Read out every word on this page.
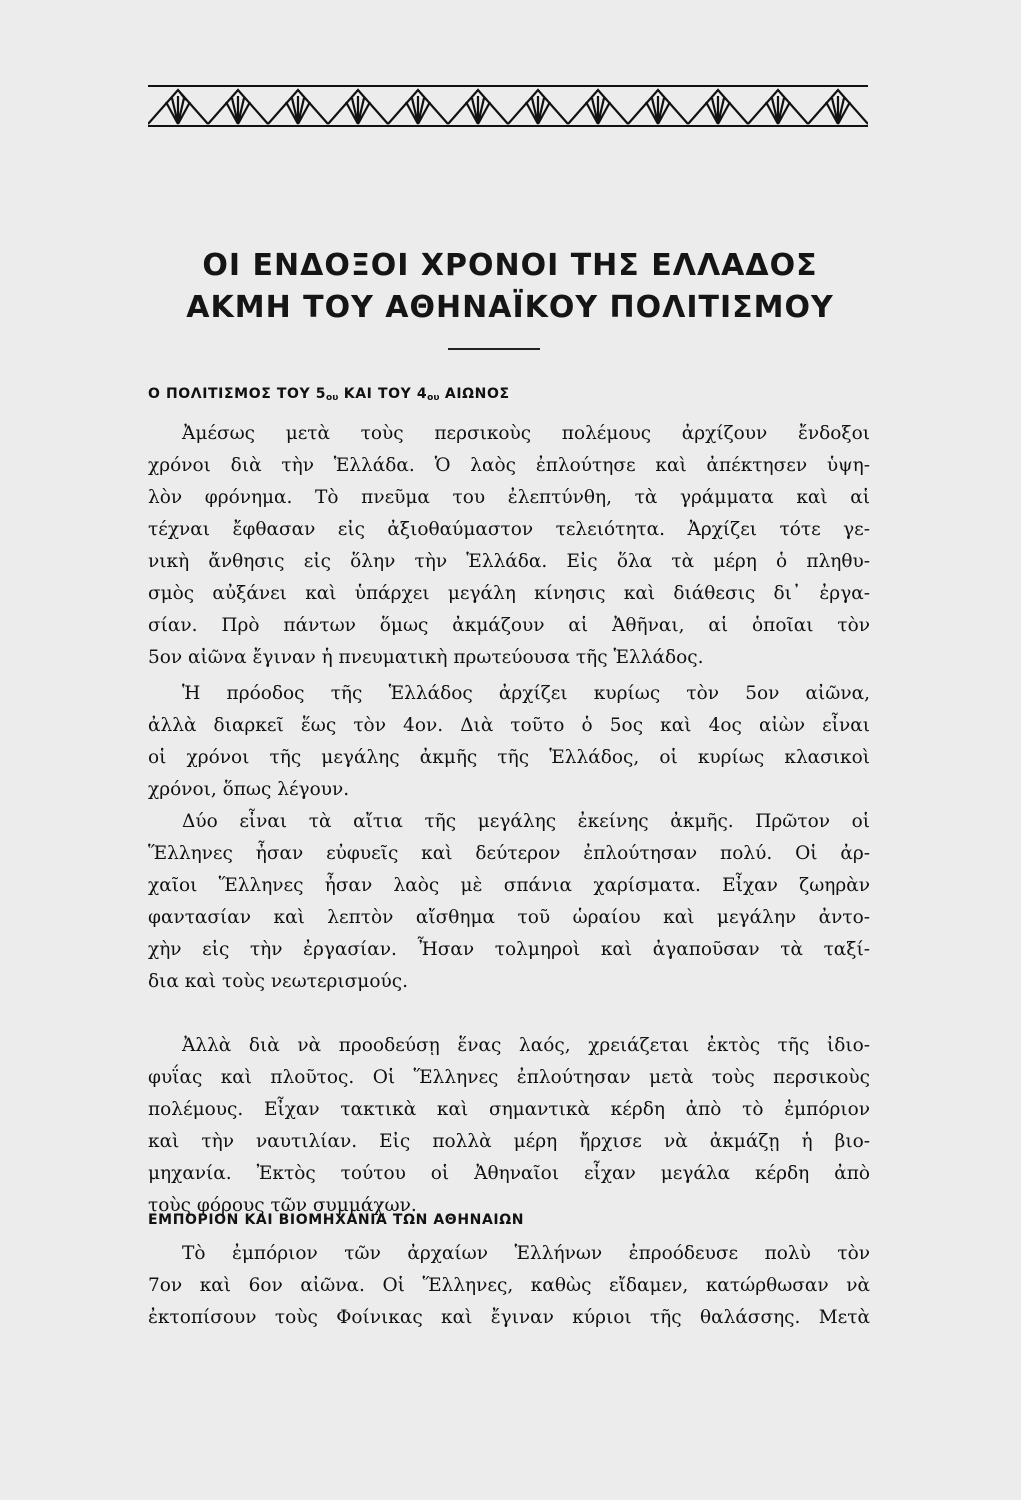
ΟΙ ΕΝΔΟΞΟΙ ΧΡΟΝΟΙ ΤΗΣ ΕΛΛΑΔΟΣ
ΑΚΜΗ ΤΟΥ ΑΘΗΝΑΪΚΟΥ ΠΟΛΙΤΙΣΜΟΥ
Ο ΠΟΛΙΤΙΣΜΟΣ ΤΟΥ $5_{o\upsilon}$ ΚΑΙ ΤΟΥ $4_{o\upsilon}$ ΑΙΩΝΟΣ
Ἀμέσως μετὰ τοὺς περσικοὺς πολέμους ἀρχίζουν ἔνδοξοι
χρόνοι διὰ τὴν Ἑλλάδα. Ὁ λαὸς ἐπλούτησε καὶ ἀπέκτησεν ὑψη-
λὸν φρόνημα. Τὸ πνεῦμα του ἐλεπτύνθη, τὰ γράμματα καὶ αἱ
τέχναι ἔφθασαν εἰς ἀξιοθαύμαστον τελειότητα. Ἀρχίζει τότε γε-
νικὴ ἄνθησις εἰς ὅλην τὴν Ἑλλάδα. Εἰς ὅλα τὰ μέρη ὁ πληθυ-
σμὸς αὐξάνει καὶ ὑπάρχει μεγάλη κίνησις καὶ διάθεσις δι᾽ ἐργα-
σίαν. Πρὸ πάντων ὅμως ἀκμάζουν αἱ Ἀθῆναι, αἱ ὁποῖαι τὸν
5ον αἰῶνα ἔγιναν ἡ πνευματικὴ πρωτεύουσα τῆς Ἑλλάδος.
Ἡ πρόοδος τῆς Ἑλλάδος ἀρχίζει κυρίως τὸν 5ον αἰῶνα,
ἀλλὰ διαρκεῖ ἕως τὸν 4ον. Διὰ τοῦτο ὁ 5ος καὶ 4ος αἰὼν εἶναι
οἱ χρόνοι τῆς μεγάλης ἀκμῆς τῆς Ἑλλάδος, οἱ κυρίως κλασικοὶ
χρόνοι, ὅπως λέγουν.
Δύο εἶναι τὰ αἴτια τῆς μεγάλης ἐκείνης ἀκμῆς. Πρῶτον οἱ
Ἕλληνες ἦσαν εὐφυεῖς καὶ δεύτερον ἐπλούτησαν πολύ. Οἱ ἀρ-
χαῖοι Ἕλληνες ἦσαν λαὸς μὲ σπάνια χαρίσματα. Εἶχαν ζωηρὰν
φαντασίαν καὶ λεπτὸν αἴσθημα τοῦ ὡραίου καὶ μεγάλην ἀντο-
χὴν εἰς τὴν ἐργασίαν. Ἦσαν τολμηροὶ καὶ ἀγαποῦσαν τὰ ταξί-
δια καὶ τοὺς νεωτερισμούς.
Ἀλλὰ διὰ νὰ προοδεύσῃ ἕνας λαός, χρειάζεται ἐκτὸς τῆς ἰδιο-
φυΐας καὶ πλοῦτος. Οἱ Ἕλληνες ἐπλούτησαν μετὰ τοὺς περσικοὺς
πολέμους. Εἶχαν τακτικὰ καὶ σημαντικὰ κέρδη ἀπὸ τὸ ἐμπόριον
καὶ τὴν ναυτιλίαν. Εἰς πολλὰ μέρη ἤρχισε νὰ ἀκμάζῃ ἡ βιο-
μηχανία. Ἐκτὸς τούτου οἱ Ἀθηναῖοι εἶχαν μεγάλα κέρδη ἀπὸ
τοὺς φόρους τῶν συμμάχων.
ΕΜΠΟΡΙΟΝ ΚΑΙ ΒΙΟΜΗΧΑΝΙΑ ΤΩΝ ΑΘΗΝΑΙΩΝ
Τὸ ἐμπόριον τῶν ἀρχαίων Ἑλλήνων ἐπροόδευσε πολὺ τὸν
7ον καὶ 6ον αἰῶνα. Οἱ Ἕλληνες, καθὼς εἴδαμεν, κατώρθωσαν νὰ
ἐκτοπίσουν τοὺς Φοίνικας καὶ ἔγιναν κύριοι τῆς θαλάσσης. Μετὰ
